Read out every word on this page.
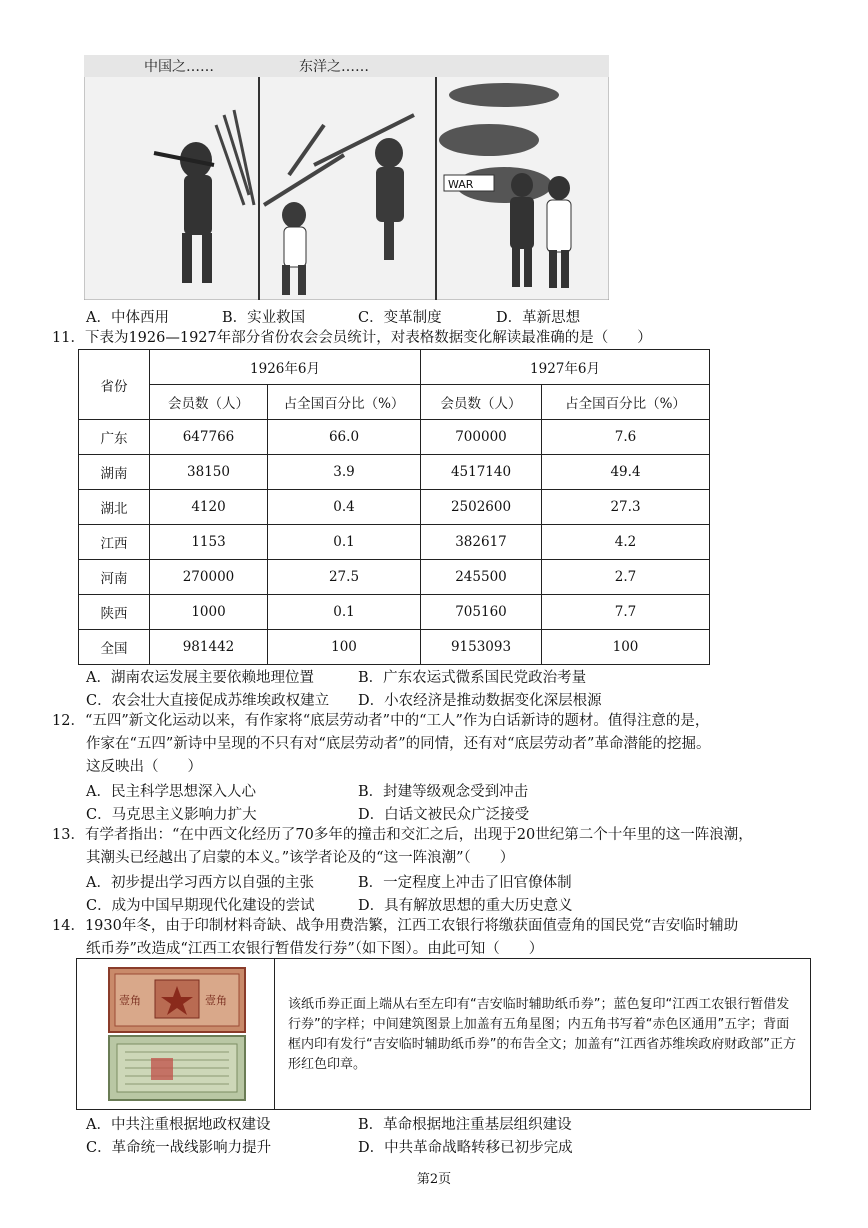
中国之……	东洋之……
WAR
A．中体西用	B．实业救国	C．变革制度	D．革新思想
11．下表为1926—1927年部分省份农会会员统计，对表格数据变化解读最准确的是（　　）
省份	1926年6月		1927年6月	
	会员数（人）	占全国百分比（%）	会员数（人）	占全国百分比（%）
广东	647766	66.0	700000	7.6
湖南	38150	3.9	4517140	49.4
湖北	4120	0.4	2502600	27.3
江西	1153	0.1	382617	4.2
河南	270000	27.5	245500	2.7
陕西	1000	0.1	705160	7.7
全国	981442	100	9153093	100
A．湖南农运发展主要依赖地理位置	B．广东农运式微系国民党政治考量
C．农会壮大直接促成苏维埃政权建立 D．小农经济是推动数据变化深层根源
12．“五四”新文化运动以来，有作家将“底层劳动者”中的“工人”作为白话新诗的题材。值得注意的是，
作家在“五四”新诗中呈现的不只有对“底层劳动者”的同情，还有对“底层劳动者”革命潜能的挖掘。
这反映出（　　）
A．民主科学思想深入人心	B．封建等级观念受到冲击
C．马克思主义影响力扩大	D．白话文被民众广泛接受
13．有学者指出：“在中西文化经历了70多年的撞击和交汇之后，出现于20世纪第二个十年里的这一阵浪潮，
其潮头已经越出了启蒙的本义。”该学者论及的“这一阵浪潮”（　　）
A．初步提出学习西方以自强的主张	B．一定程度上冲击了旧官僚体制
C．成为中国早期现代化建设的尝试	D．具有解放思想的重大历史意义
14．1930年冬，由于印制材料奇缺、战争用费浩繁，江西工农银行将缴获面值壹角的国民党“吉安临时辅助
纸币券”改造成“江西工农银行暂借发行券”（如下图）。由此可知（　　）
壹角	壹角	该纸币券正面上端从右至左印有“吉安临时辅助纸币券”；蓝色复印“江西工农银行暂借发行券”的字样；中间建筑图景上加盖有五角星图；内五角书写着“赤色区通用”五字；背面框内印有发行“吉安临时辅助纸币券”的布告全文；加盖有“江西省苏维埃政府财政部”正方形红色印章。
A．中共注重根据地政权建设	B．革命根据地注重基层组织建设
C．革命统一战线影响力提升	D．中共革命战略转移已初步完成
第2页
